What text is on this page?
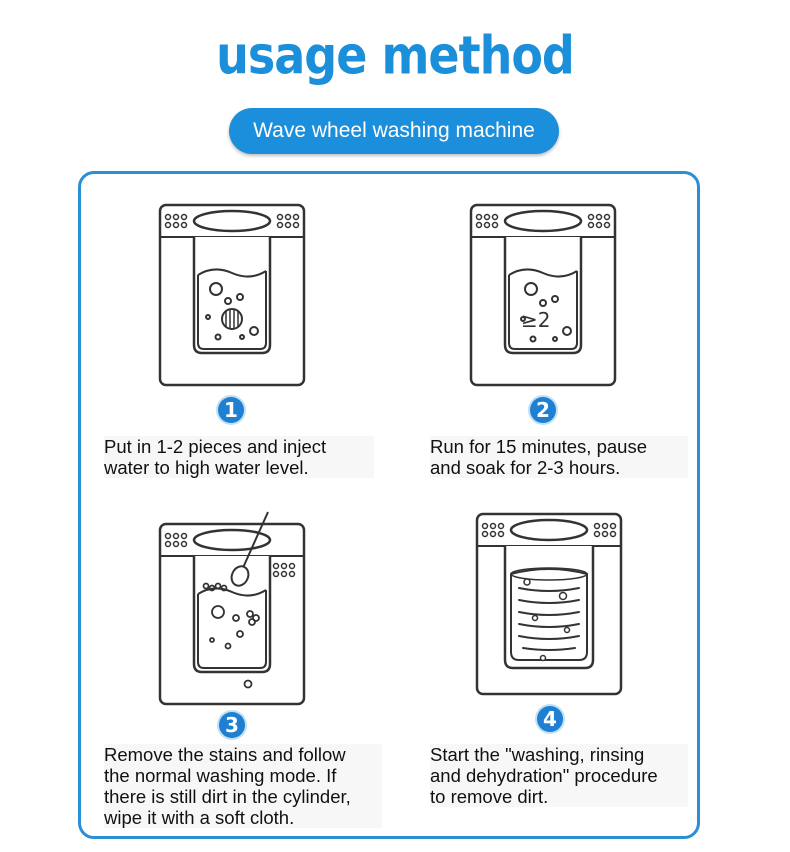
usage method
Wave wheel washing machine
≥2
1	2
3	4
Put in 1-2 pieces and inject
water to high water level.
Run for 15 minutes, pause
and soak for 2-3 hours.
Remove the stains and follow
the normal washing mode. If
there is still dirt in the cylinder,
wipe it with a soft cloth.
Start the "washing, rinsing
and dehydration" procedure
to remove dirt.
